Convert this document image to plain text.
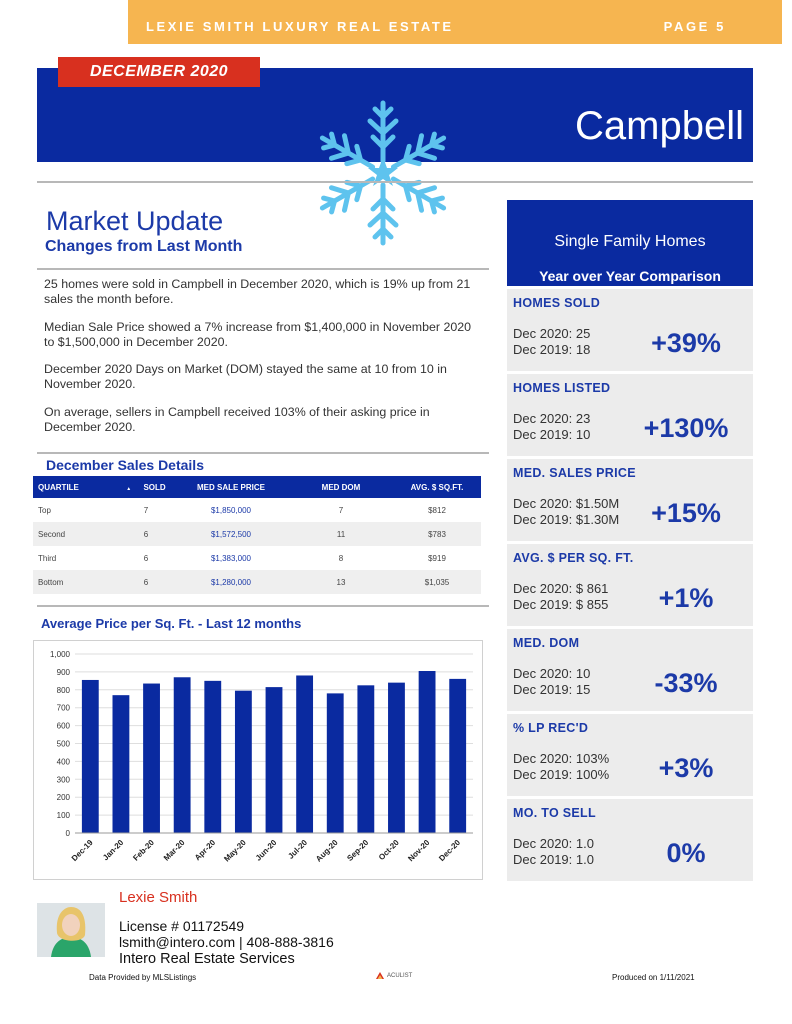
LEXIE SMITH LUXURY REAL ESTATE	PAGE 5
DECEMBER 2020
Campbell
Market Update
Changes from Last Month
25 homes were sold in Campbell in December 2020, which is 19% up from 21 sales the month before.
Median Sale Price showed a 7% increase from $1,400,000 in November 2020 to $1,500,000 in December 2020.
December 2020 Days on Market (DOM) stayed the same at 10 from 10 in November 2020.
On average, sellers in Campbell received 103% of their asking price in December 2020.
December Sales Details
QUARTILE	▲ SOLD	MED SALE PRICE	MED DOM	AVG. $ SQ.FT.
Top	7	$1,850,000	7	$812
Second	6	$1,572,500	11	$783
Third	6	$1,383,000	8	$919
Bottom	6	$1,280,000	13	$1,035
Average Price per Sq. Ft. - Last 12 months
0
100
200
300
400
500
600
700
800
900
1,000
Dec-19 Jan-20 Feb-20 Mar-20 Apr-20 May-20 Jun-20 Jul-20 Aug-20 Sep-20 Oct-20 Nov-20 Dec-20
Single Family Homes
Year over Year Comparison
HOMES SOLD
Dec 2020: 25
Dec 2019: 18	+39%
HOMES LISTED
Dec 2020: 23
Dec 2019: 10	+130%
MED. SALES PRICE
Dec 2020: $1.50M
Dec 2019: $1.30M	+15%
AVG. $ PER SQ. FT.
Dec 2020: $ 861
Dec 2019: $ 855	+1%
MED. DOM
Dec 2020: 10
Dec 2019: 15	-33%
% LP REC'D
Dec 2020: 103%
Dec 2019: 100%	+3%
MO. TO SELL
Dec 2020: 1.0
Dec 2019: 1.0	0%
Lexie Smith
License # 01172549
lsmith@intero.com | 408-888-3816
Intero Real Estate Services
Data Provided by MLSListings	ACULIST	Produced on 1/11/2021
